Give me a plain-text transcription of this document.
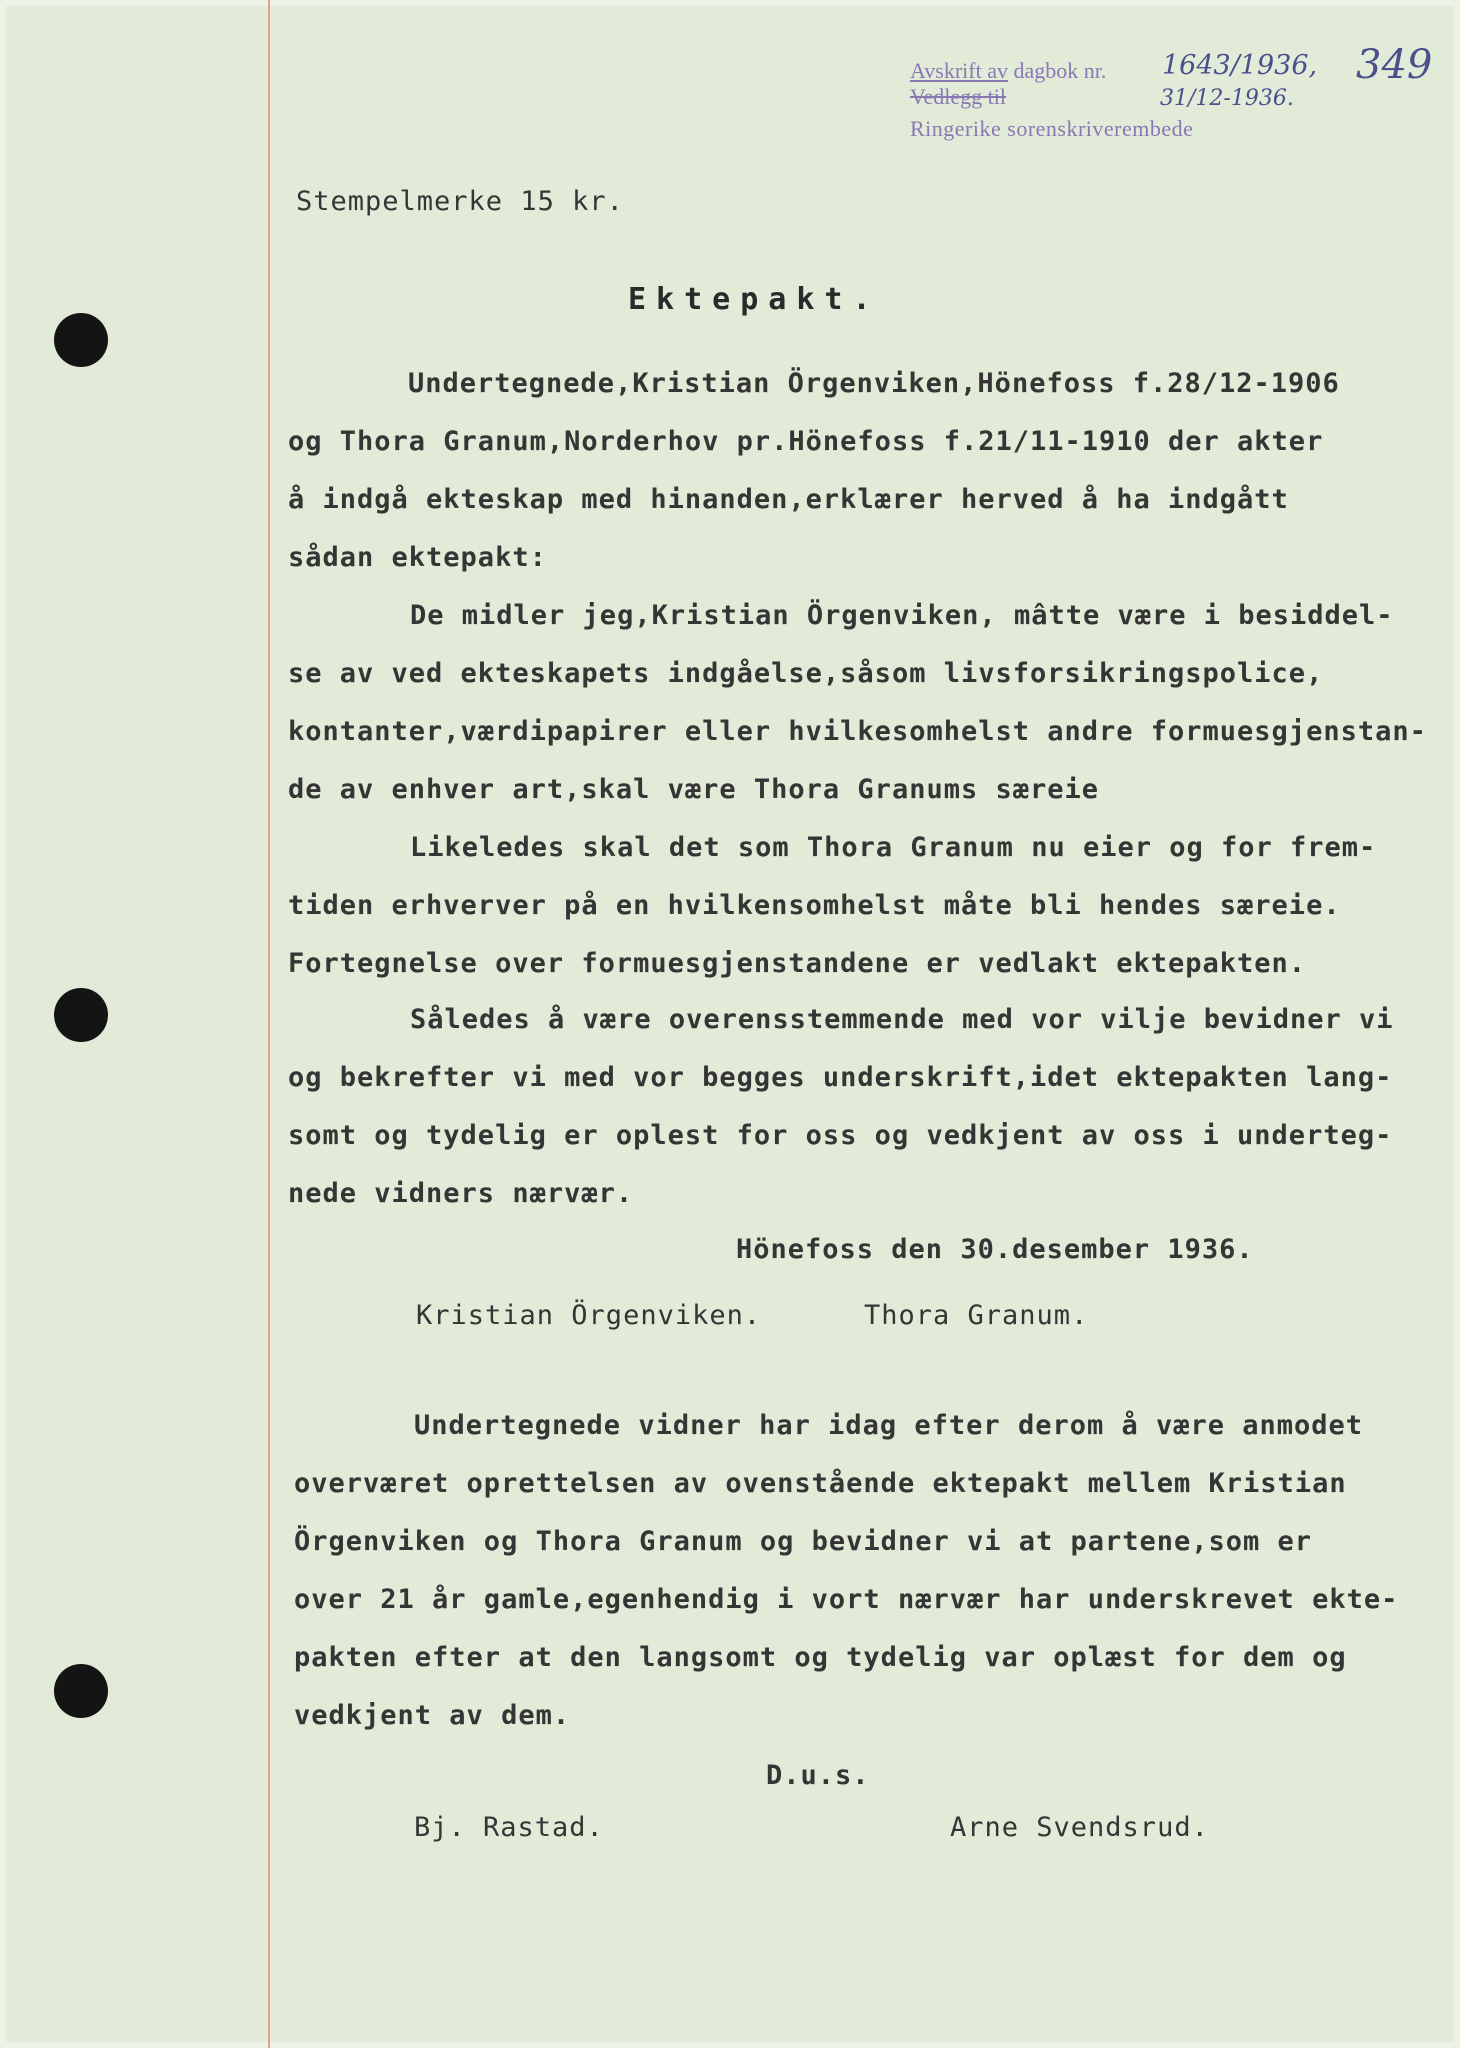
Avskrift av dagbok nr.
Vedlegg til
Ringerike sorenskriverembede
1643/1936,
31/12-1936.
349
Stempelmerke 15 kr.
Ektepakt.
Undertegnede,Kristian Örgenviken,Hönefoss f.28/12-1906
og Thora Granum,Norderhov pr.Hönefoss f.21/11-1910 der akter
å indgå ekteskap med hinanden,erklærer herved å ha indgått
sådan ektepakt:
De midler jeg,Kristian Örgenviken, mâtte være i besiddel-
se av ved ekteskapets indgåelse,såsom livsforsikringspolice,
kontanter,værdipapirer eller hvilkesomhelst andre formuesgjenstan-
de av enhver art,skal være Thora Granums særeie
Likeledes skal det som Thora Granum nu eier og for frem-
tiden erhverver på en hvilkensomhelst måte bli hendes særeie.
Fortegnelse over formuesgjenstandene er vedlakt ektepakten.
Således å være overensstemmende med vor vilje bevidner vi
og bekrefter vi med vor begges underskrift,idet ektepakten lang-
somt og tydelig er oplest for oss og vedkjent av oss i underteg-
nede vidners nærvær.
Hönefoss den 30.desember 1936.
Kristian Örgenviken.	Thora Granum.
Undertegnede vidner har idag efter derom å være anmodet
overværet oprettelsen av ovenstående ektepakt mellem Kristian
Örgenviken og Thora Granum og bevidner vi at partene,som er
over 21 år gamle,egenhendig i vort nærvær har underskrevet ekte-
pakten efter at den langsomt og tydelig var oplæst for dem og
vedkjent av dem.
D.u.s.
Bj. Rastad.	Arne Svendsrud.
